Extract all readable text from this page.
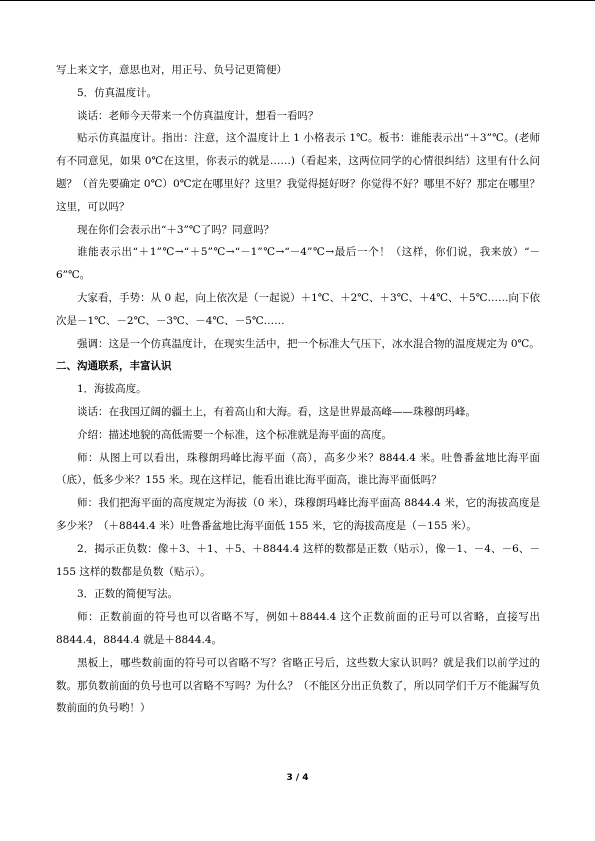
写上来文字，意思也对，用正号、负号记更简便）

5．仿真温度计。

谈话：老师今天带来一个仿真温度计，想看一看吗？

贴示仿真温度计。指出：注意，这个温度计上 1 小格表示 1℃。板书：谁能表示出“＋3”℃。(老师有不同意见，如果 0℃在这里，你表示的就是……)（看起来，这两位同学的心情很纠结）这里有什么问题？（首先要确定 0℃）0℃定在哪里好？这里？我觉得挺好呀？你觉得不好？哪里不好？那定在哪里？这里，可以吗？

现在你们会表示出“＋3”℃了吗？同意吗？

谁能表示出“＋1”℃→“＋5”℃→“－1”℃→“－4”℃→最后一个！（这样，你们说，我来放）“－6”℃。

大家看，手势：从 0 起，向上依次是（一起说）＋1℃、＋2℃、＋3℃、＋4℃、＋5℃……向下依次是－1℃、－2℃、－3℃、－4℃、－5℃……

强调：这是一个仿真温度计，在现实生活中，把一个标准大气压下，冰水混合物的温度规定为 0℃。

二、沟通联系，丰富认识

1．海拔高度。

谈话：在我国辽阔的疆土上，有着高山和大海。看，这是世界最高峰——珠穆朗玛峰。

介绍：描述地貌的高低需要一个标准，这个标准就是海平面的高度。

师：从图上可以看出，珠穆朗玛峰比海平面（高），高多少米？8844.4 米。吐鲁番盆地比海平面（底），低多少米？155 米。现在这样记，能看出谁比海平面高，谁比海平面低吗？

师：我们把海平面的高度规定为海拔（0 米），珠穆朗玛峰比海平面高 8844.4 米，它的海拔高度是多少米？（＋8844.4 米）吐鲁番盆地比海平面低 155 米，它的海拔高度是（－155 米）。

2．揭示正负数：像＋3、＋1、＋5、＋8844.4 这样的数都是正数（贴示），像－1、－4、－6、－155 这样的数都是负数（贴示）。

3．正数的简便写法。

师：正数前面的符号也可以省略不写，例如＋8844.4 这个正数前面的正号可以省略，直接写出 8844.4，8844.4 就是＋8844.4。

黑板上，哪些数前面的符号可以省略不写？省略正号后，这些数大家认识吗？就是我们以前学过的数。那负数前面的负号也可以省略不写吗？为什么？（不能区分出正负数了，所以同学们千万不能漏写负数前面的负号哟！）

3 / 4
